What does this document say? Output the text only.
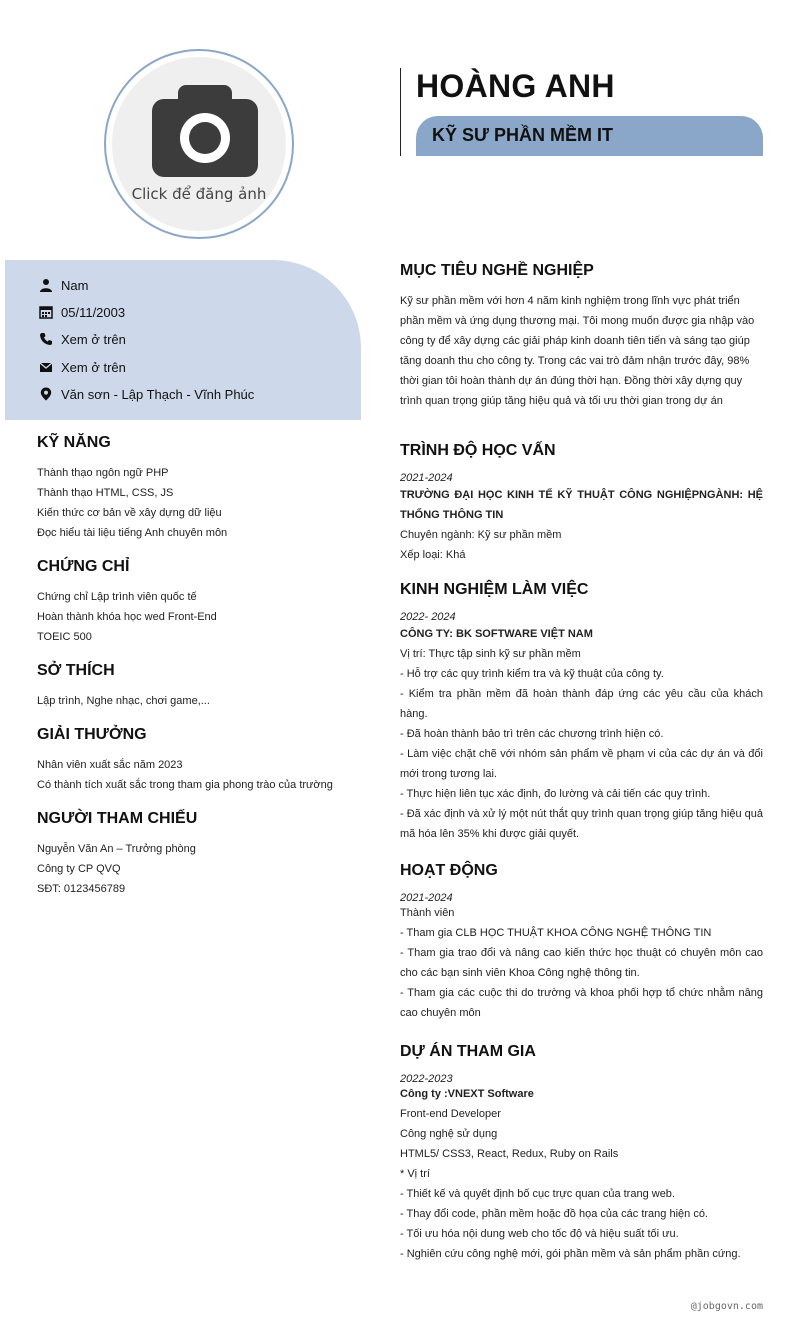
Click để đăng ảnh
HOÀNG ANH
KỸ SƯ PHẦN MỀM IT
Nam
05/11/2003
Xem ở trên
Xem ở trên
Văn sơn - Lập Thạch - Vĩnh Phúc
KỸ NĂNG
Thành thạo ngôn ngữ PHP
Thành thạo HTML, CSS, JS
Kiến thức cơ bản về xây dựng dữ liệu
Đọc hiểu tài liệu tiếng Anh chuyên môn
CHỨNG CHỈ
Chứng chỉ Lập trình viên quốc tế
Hoàn thành khóa học wed Front-End
TOEIC 500
SỞ THÍCH
Lập trình, Nghe nhạc, chơi game,...
GIẢI THƯỞNG
Nhân viên xuất sắc năm 2023
Có thành tích xuất sắc trong tham gia phong trào của trường
NGƯỜI THAM CHIẾU
Nguyễn Văn An – Trưởng phòng
Công ty CP QVQ
SĐT: 0123456789
MỤC TIÊU NGHỀ NGHIỆP
Kỹ sư phần mềm với hơn 4 năm kinh nghiệm trong lĩnh vực phát triển phần mềm và ứng dụng thương mại. Tôi mong muốn được gia nhập vào công ty để xây dựng các giải pháp kinh doanh tiên tiến và sáng tạo giúp tăng doanh thu cho công ty. Trong các vai trò đảm nhận trước đây, 98% thời gian tôi hoàn thành dự án đúng thời hạn. Đồng thời xây dựng quy trình quan trọng giúp tăng hiệu quả và tối ưu thời gian trong dự án
TRÌNH ĐỘ HỌC VẤN
2021-2024
TRƯỜNG ĐẠI HỌC KINH TẾ KỸ THUẬT CÔNG NGHIỆPNGÀNH: HỆ THỐNG THÔNG TIN
Chuyên ngành: Kỹ sư phần mềm
Xếp loại: Khá
KINH NGHIỆM LÀM VIỆC
2022- 2024
CÔNG TY: BK SOFTWARE VIỆT NAM
Vị trí: Thực tập sinh kỹ sư phần mềm
- Hỗ trợ các quy trình kiểm tra và kỹ thuật của công ty.
- Kiểm tra phần mềm đã hoàn thành đáp ứng các yêu cầu của khách hàng.
- Đã hoàn thành bảo trì trên các chương trình hiện có.
- Làm việc chặt chẽ với nhóm sản phẩm về phạm vi của các dự án và đổi mới trong tương lai.
- Thực hiện liên tục xác định, đo lường và cải tiến các quy trình.
- Đã xác định và xử lý một nút thắt quy trình quan trọng giúp tăng hiệu quả mã hóa lên 35% khi được giải quyết.
HOẠT ĐỘNG
2021-2024
Thành viên
- Tham gia CLB HỌC THUẬT KHOA CÔNG NGHỆ THÔNG TIN
- Tham gia trao đổi và nâng cao kiến thức học thuật có chuyên môn cao cho các bạn sinh viên Khoa Công nghệ thông tin.
- Tham gia các cuộc thi do trường và khoa phối hợp tổ chức nhằm nâng cao chuyên môn
DỰ ÁN THAM GIA
2022-2023
Công ty :VNEXT Software
Front-end Developer
Công nghệ sử dụng
HTML5/ CSS3, React, Redux, Ruby on Rails
* Vị trí
- Thiết kế và quyết định bố cục trực quan của trang web.
- Thay đổi code, phần mềm hoặc đồ họa của các trang hiện có.
- Tối ưu hóa nội dung web cho tốc độ và hiệu suất tối ưu.
- Nghiên cứu công nghệ mới, gói phần mềm và sản phẩm phần cứng.
@jobgovn.com
